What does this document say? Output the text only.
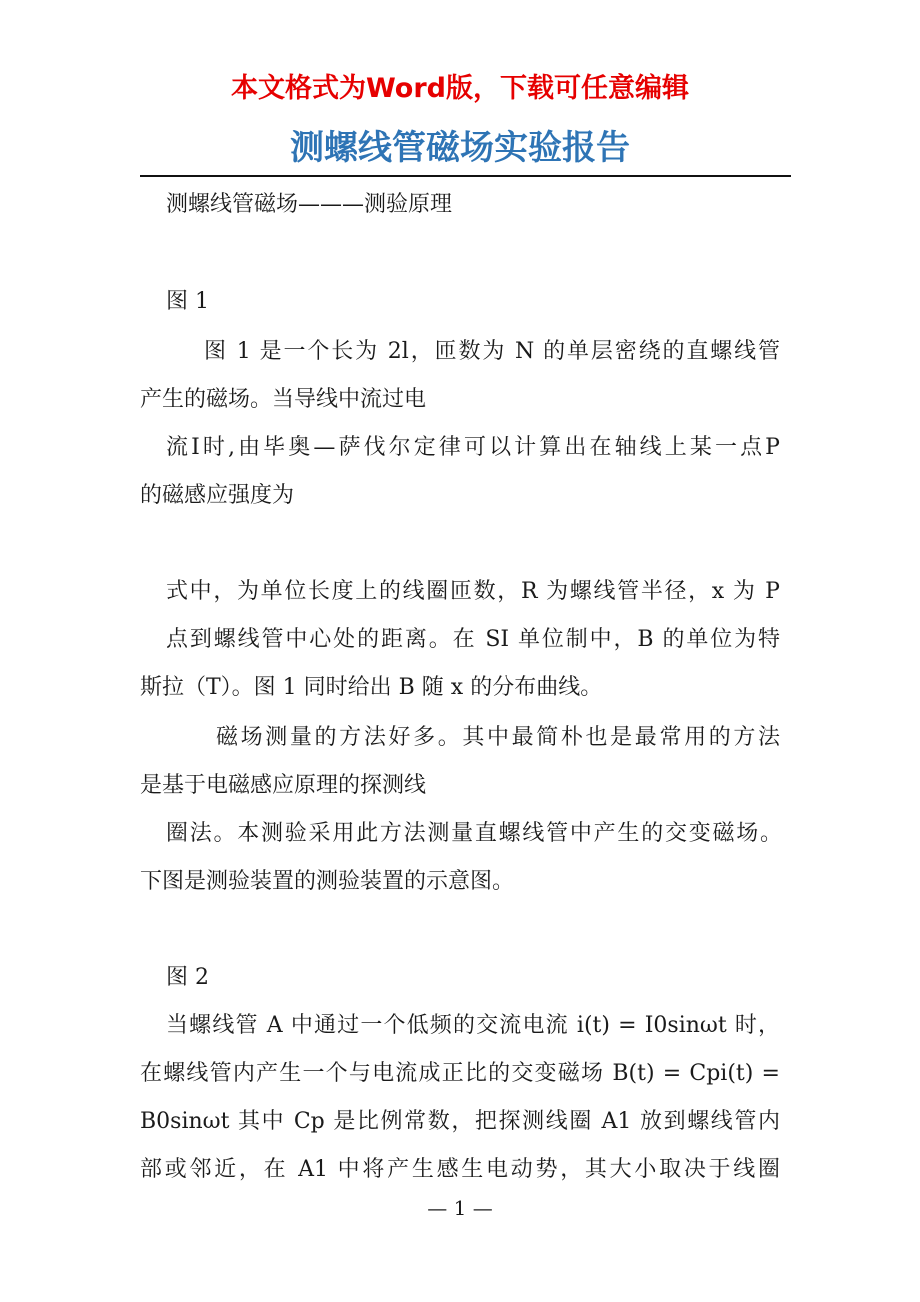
本文格式为Word版，下载可任意编辑
测螺线管磁场实验报告
测螺线管磁场———测验原理
图 1
图 1 是一个长为 2l，匝数为 N 的单层密绕的直螺线管
产生的磁场。当导线中流过电
流I时,由毕奥—萨伐尔定律可以计算出在轴线上某一点P
的磁感应强度为
式中，为单位长度上的线圈匝数，R 为螺线管半径，x 为 P
点到螺线管中心处的距离。在 SI 单位制中，B 的单位为特
斯拉（T）。图 1 同时给出 B 随 x 的分布曲线。
磁场测量的方法好多。其中最简朴也是最常用的方法
是基于电磁感应原理的探测线
圈法。本测验采用此方法测量直螺线管中产生的交变磁场。
下图是测验装置的测验装置的示意图。
图 2
当螺线管 A 中通过一个低频的交流电流 i(t) = I0sinωt 时，
在螺线管内产生一个与电流成正比的交变磁场 B(t) = Cpi(t) =
B0sinωt 其中 Cp 是比例常数，把探测线圈 A1 放到螺线管内
部或邻近，在 A1 中将产生感生电动势，其大小取决于线圈
— 1 —
